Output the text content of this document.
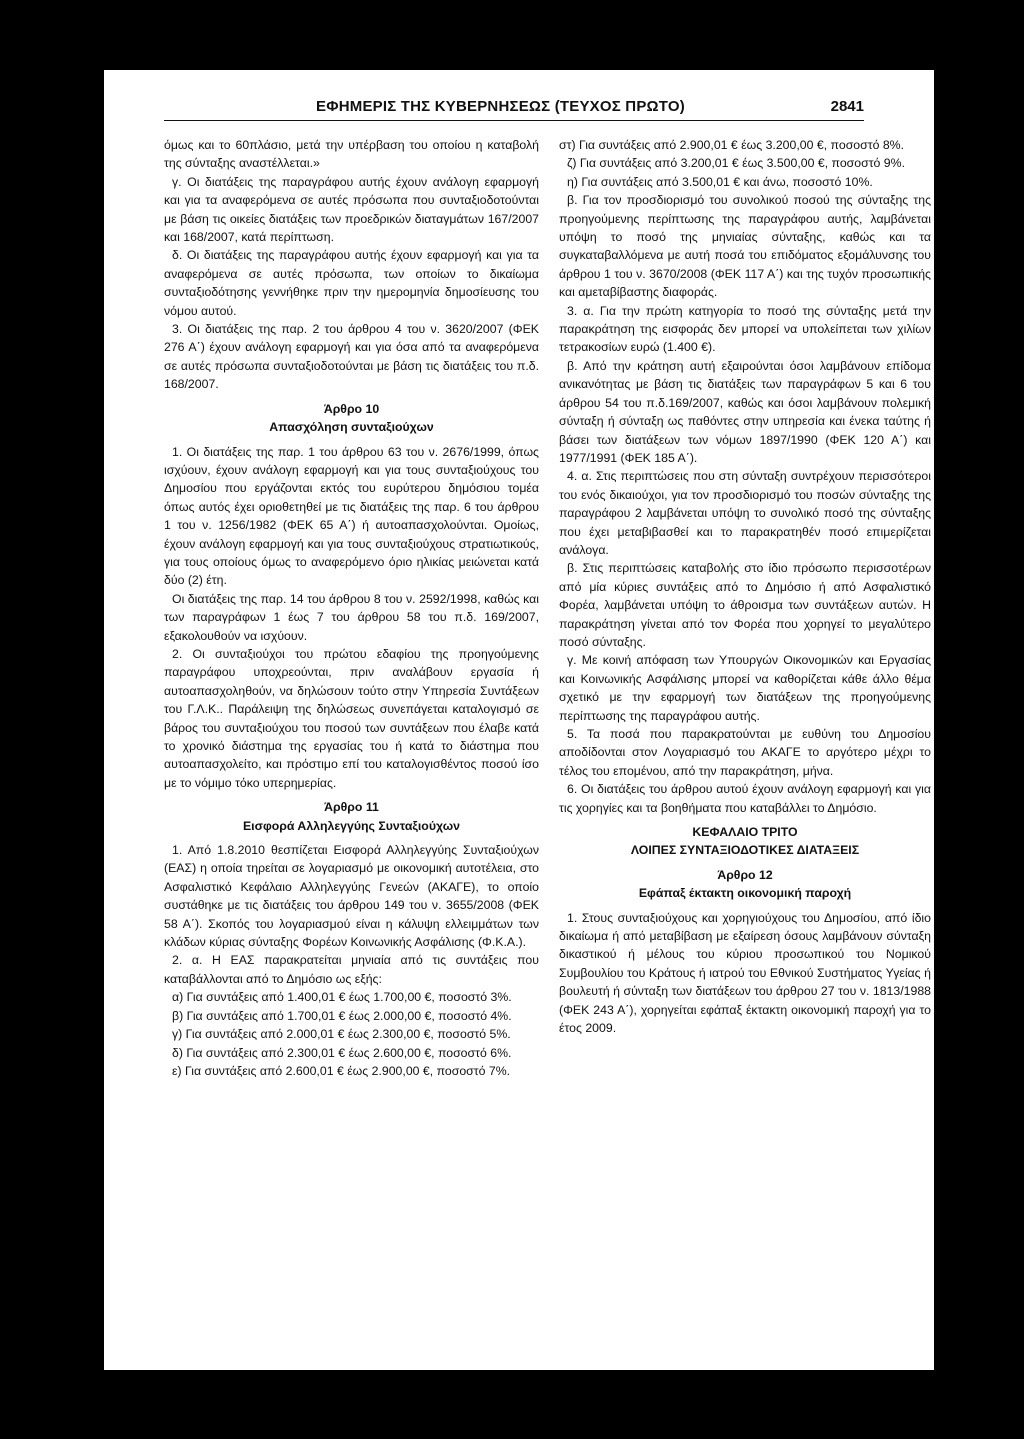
ΕΦΗΜΕΡΙΣ ΤΗΣ ΚΥΒΕΡΝΗΣΕΩΣ (ΤΕΥΧΟΣ ΠΡΩΤΟ)	2841

όμως και το 60πλάσιο, μετά την υπέρβαση του οποίου η καταβολή της σύνταξης αναστέλλεται.»

γ. Οι διατάξεις της παραγράφου αυτής έχουν ανάλογη εφαρμογή και για τα αναφερόμενα σε αυτές πρόσωπα που συνταξιοδοτούνται με βάση τις οικείες διατάξεις των προεδρικών διαταγμάτων 167/2007 και 168/2007, κατά περίπτωση.

δ. Οι διατάξεις της παραγράφου αυτής έχουν εφαρμογή και για τα αναφερόμενα σε αυτές πρόσωπα, των οποίων το δικαίωμα συνταξιοδότησης γεννήθηκε πριν την ημερομηνία δημοσίευσης του νόμου αυτού.

3. Οι διατάξεις της παρ. 2 του άρθρου 4 του ν. 3620/2007 (ΦΕΚ 276 Α΄) έχουν ανάλογη εφαρμογή και για όσα από τα αναφερόμενα σε αυτές πρόσωπα συνταξιοδοτούνται με βάση τις διατάξεις του π.δ. 168/2007.

Άρθρο 10

Απασχόληση συνταξιούχων

1. Οι διατάξεις της παρ. 1 του άρθρου 63 του ν. 2676/1999, όπως ισχύουν, έχουν ανάλογη εφαρμογή και για τους συνταξιούχους του Δημοσίου που εργάζονται εκτός του ευρύτερου δημόσιου τομέα όπως αυτός έχει οριοθετηθεί με τις διατάξεις της παρ. 6 του άρθρου 1 του ν. 1256/1982 (ΦΕΚ 65 Α΄) ή αυτοαπασχολούνται. Ομοίως, έχουν ανάλογη εφαρμογή και για τους συνταξιούχους στρατιωτικούς, για τους οποίους όμως το αναφερόμενο όριο ηλικίας μειώνεται κατά δύο (2) έτη.

Οι διατάξεις της παρ. 14 του άρθρου 8 του ν. 2592/1998, καθώς και των παραγράφων 1 έως 7 του άρθρου 58 του π.δ. 169/2007, εξακολουθούν να ισχύουν.

2. Οι συνταξιούχοι του πρώτου εδαφίου της προηγούμενης παραγράφου υποχρεούνται, πριν αναλάβουν εργασία ή αυτοαπασχοληθούν, να δηλώσουν τούτο στην Υπηρεσία Συντάξεων του Γ.Λ.Κ.. Παράλειψη της δηλώσεως συνεπάγεται καταλογισμό σε βάρος του συνταξιούχου του ποσού των συντάξεων που έλαβε κατά το χρονικό διάστημα της εργασίας του ή κατά το διάστημα που αυτοαπασχολείτο, και πρόστιμο επί του καταλογισθέντος ποσού ίσο με το νόμιμο τόκο υπερημερίας.

Άρθρο 11

Εισφορά Αλληλεγγύης Συνταξιούχων

1. Από 1.8.2010 θεσπίζεται Εισφορά Αλληλεγγύης Συνταξιούχων (ΕΑΣ) η οποία τηρείται σε λογαριασμό με οικονομική αυτοτέλεια, στο Ασφαλιστικό Κεφάλαιο Αλληλεγγύης Γενεών (ΑΚΑΓΕ), το οποίο συστάθηκε με τις διατάξεις του άρθρου 149 του ν. 3655/2008 (ΦΕΚ 58 Α΄). Σκοπός του λογαριασμού είναι η κάλυψη ελλειμμάτων των κλάδων κύριας σύνταξης Φορέων Κοινωνικής Ασφάλισης (Φ.Κ.Α.).

2. α. Η ΕΑΣ παρακρατείται μηνιαία από τις συντάξεις που καταβάλλονται από το Δημόσιο ως εξής:

α) Για συντάξεις από 1.400,01 € έως 1.700,00 €, ποσοστό 3%.

β) Για συντάξεις από 1.700,01 € έως 2.000,00 €, ποσοστό 4%.

γ) Για συντάξεις από 2.000,01 € έως 2.300,00 €, ποσοστό 5%.

δ) Για συντάξεις από 2.300,01 € έως 2.600,00 €, ποσοστό 6%.

ε) Για συντάξεις από 2.600,01 € έως 2.900,00 €, ποσοστό 7%.

στ) Για συντάξεις από 2.900,01 € έως 3.200,00 €, ποσοστό 8%.

ζ) Για συντάξεις από 3.200,01 € έως 3.500,00 €, ποσοστό 9%.

η) Για συντάξεις από 3.500,01 € και άνω, ποσοστό 10%.

β. Για τον προσδιορισμό του συνολικού ποσού της σύνταξης της προηγούμενης περίπτωσης της παραγράφου αυτής, λαμβάνεται υπόψη το ποσό της μηνιαίας σύνταξης, καθώς και τα συγκαταβαλλόμενα με αυτή ποσά του επιδόματος εξομάλυνσης του άρθρου 1 του ν. 3670/2008 (ΦΕΚ 117 Α΄) και της τυχόν προσωπικής και αμεταβίβαστης διαφοράς.

3. α. Για την πρώτη κατηγορία το ποσό της σύνταξης μετά την παρακράτηση της εισφοράς δεν μπορεί να υπολείπεται των χιλίων τετρακοσίων ευρώ (1.400 €).

β. Από την κράτηση αυτή εξαιρούνται όσοι λαμβάνουν επίδομα ανικανότητας με βάση τις διατάξεις των παραγράφων 5 και 6 του άρθρου 54 του π.δ.169/2007, καθώς και όσοι λαμβάνουν πολεμική σύνταξη ή σύνταξη ως παθόντες στην υπηρεσία και ένεκα ταύτης ή βάσει των διατάξεων των νόμων 1897/1990 (ΦΕΚ 120 Α΄) και 1977/1991 (ΦΕΚ 185 Α΄).

4. α. Στις περιπτώσεις που στη σύνταξη συντρέχουν περισσότεροι του ενός δικαιούχοι, για τον προσδιορισμό του ποσών σύνταξης της παραγράφου 2 λαμβάνεται υπόψη το συνολικό ποσό της σύνταξης που έχει μεταβιβασθεί και το παρακρατηθέν ποσό επιμερίζεται ανάλογα.

β. Στις περιπτώσεις καταβολής στο ίδιο πρόσωπο περισσοτέρων από μία κύριες συντάξεις από το Δημόσιο ή από Ασφαλιστικό Φορέα, λαμβάνεται υπόψη το άθροισμα των συντάξεων αυτών. Η παρακράτηση γίνεται από τον Φορέα που χορηγεί το μεγαλύτερο ποσό σύνταξης.

γ. Με κοινή απόφαση των Υπουργών Οικονομικών και Εργασίας και Κοινωνικής Ασφάλισης μπορεί να καθορίζεται κάθε άλλο θέμα σχετικό με την εφαρμογή των διατάξεων της προηγούμενης περίπτωσης της παραγράφου αυτής.

5. Τα ποσά που παρακρατούνται με ευθύνη του Δημοσίου αποδίδονται στον Λογαριασμό του ΑΚΑΓΕ το αργότερο μέχρι το τέλος του επομένου, από την παρακράτηση, μήνα.

6. Οι διατάξεις του άρθρου αυτού έχουν ανάλογη εφαρμογή και για τις χορηγίες και τα βοηθήματα που καταβάλλει το Δημόσιο.

ΚΕΦΑΛΑΙΟ ΤΡΙΤΟ

ΛΟΙΠΕΣ ΣΥΝΤΑΞΙΟΔΟΤΙΚΕΣ ΔΙΑΤΑΞΕΙΣ

Άρθρο 12

Εφάπαξ έκτακτη οικονομική παροχή

1. Στους συνταξιούχους και χορηγιούχους του Δημοσίου, από ίδιο δικαίωμα ή από μεταβίβαση με εξαίρεση όσους λαμβάνουν σύνταξη δικαστικού ή μέλους του κύριου προσωπικού του Νομικού Συμβουλίου του Κράτους ή ιατρού του Εθνικού Συστήματος Υγείας ή βουλευτή ή σύνταξη των διατάξεων του άρθρου 27 του ν. 1813/1988 (ΦΕΚ 243 Α΄), χορηγείται εφάπαξ έκτακτη οικονομική παροχή για το έτος 2009.
